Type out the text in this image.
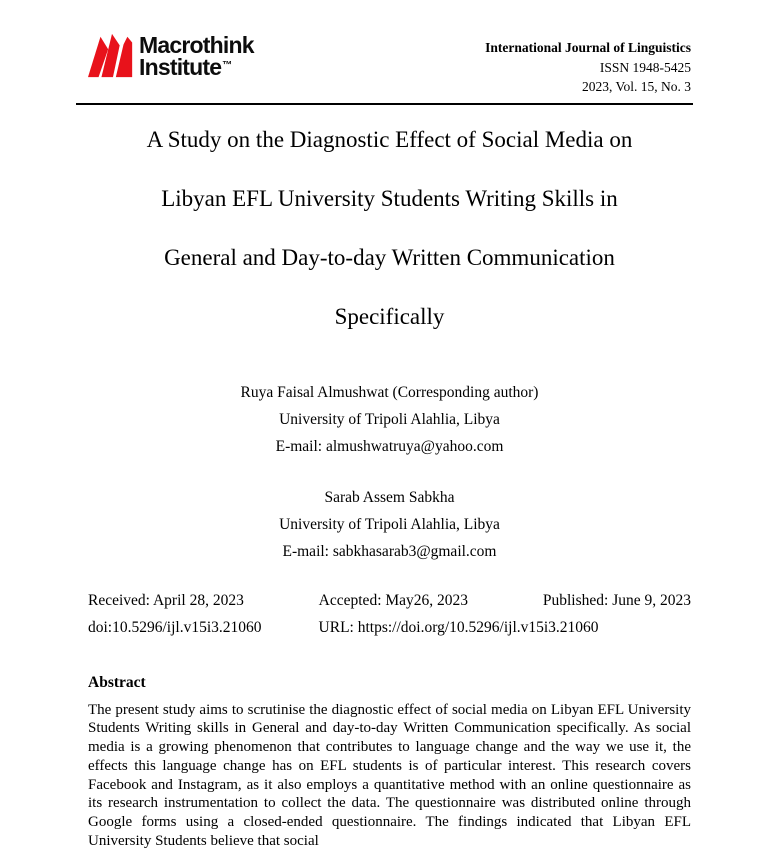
Macrothink
Institute™
International Journal of Linguistics
ISSN 1948-5425
2023, Vol. 15, No. 3
A Study on the Diagnostic Effect of Social Media on
Libyan EFL University Students Writing Skills in
General and Day-to-day Written Communication
Specifically
Ruya Faisal Almushwat (Corresponding author)
University of Tripoli Alahlia, Libya
E-mail: almushwatruya@yahoo.com
Sarab Assem Sabkha
University of Tripoli Alahlia, Libya
E-mail: sabkhasarab3@gmail.com
Received: April 28, 2023	Accepted: May26, 2023	Published: June 9, 2023
doi:10.5296/ijl.v15i3.21060	URL: https://doi.org/10.5296/ijl.v15i3.21060
Abstract

The present study aims to scrutinise the diagnostic effect of social media on Libyan EFL University Students Writing skills in General and day-to-day Written Communication specifically. As social media is a growing phenomenon that contributes to language change and the way we use it, the effects this language change has on EFL students is of particular interest. This research covers Facebook and Instagram, as it also employs a quantitative method with an online questionnaire as its research instrumentation to collect the data. The questionnaire was distributed online through Google forms using a closed-ended questionnaire. The findings indicated that Libyan EFL University Students believe that social
